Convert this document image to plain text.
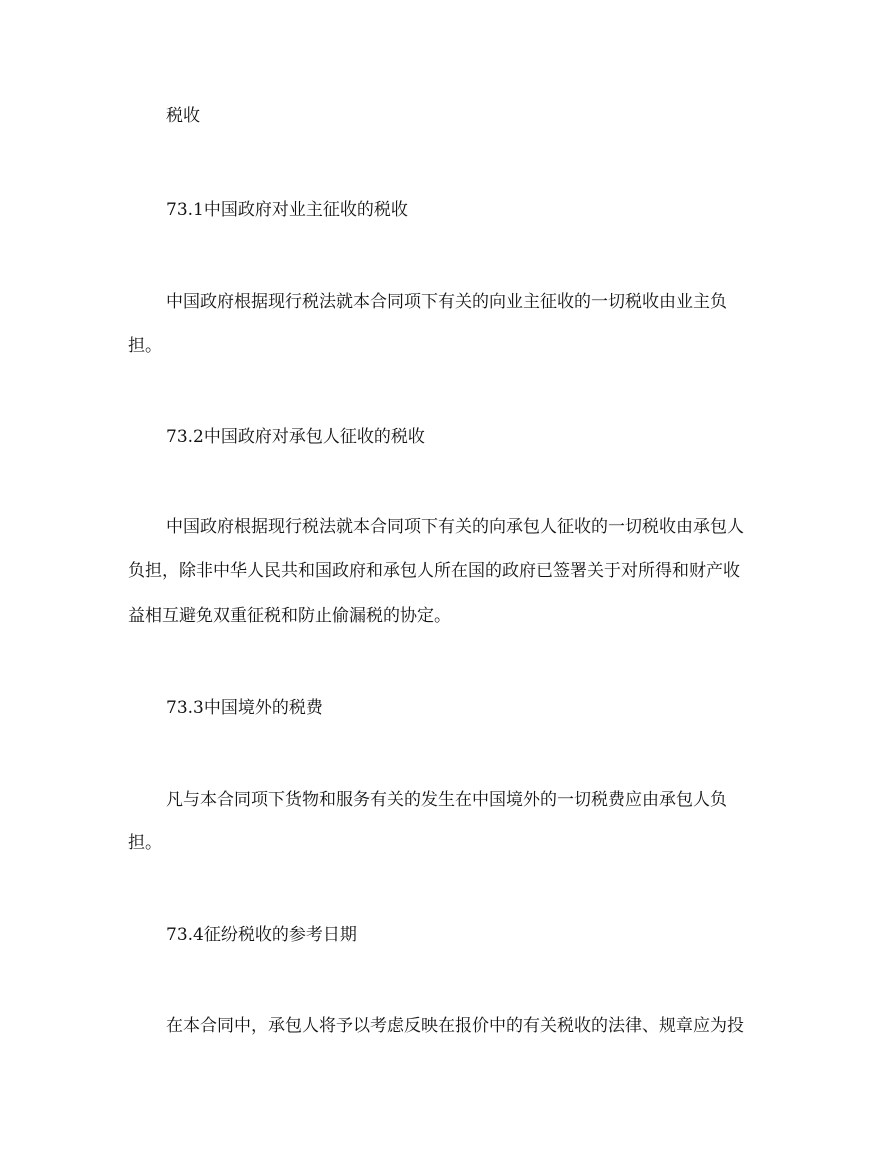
税收
73.1中国政府对业主征收的税收
中国政府根据现行税法就本合同项下有关的向业主征收的一切税收由业主负
担。
73.2中国政府对承包人征收的税收
中国政府根据现行税法就本合同项下有关的向承包人征收的一切税收由承包人
负担，除非中华人民共和国政府和承包人所在国的政府已签署关于对所得和财产收
益相互避免双重征税和防止偷漏税的协定。
73.3中国境外的税费
凡与本合同项下货物和服务有关的发生在中国境外的一切税费应由承包人负
担。
73.4征纷税收的参考日期
在本合同中，承包人将予以考虑反映在报价中的有关税收的法律、规章应为投
